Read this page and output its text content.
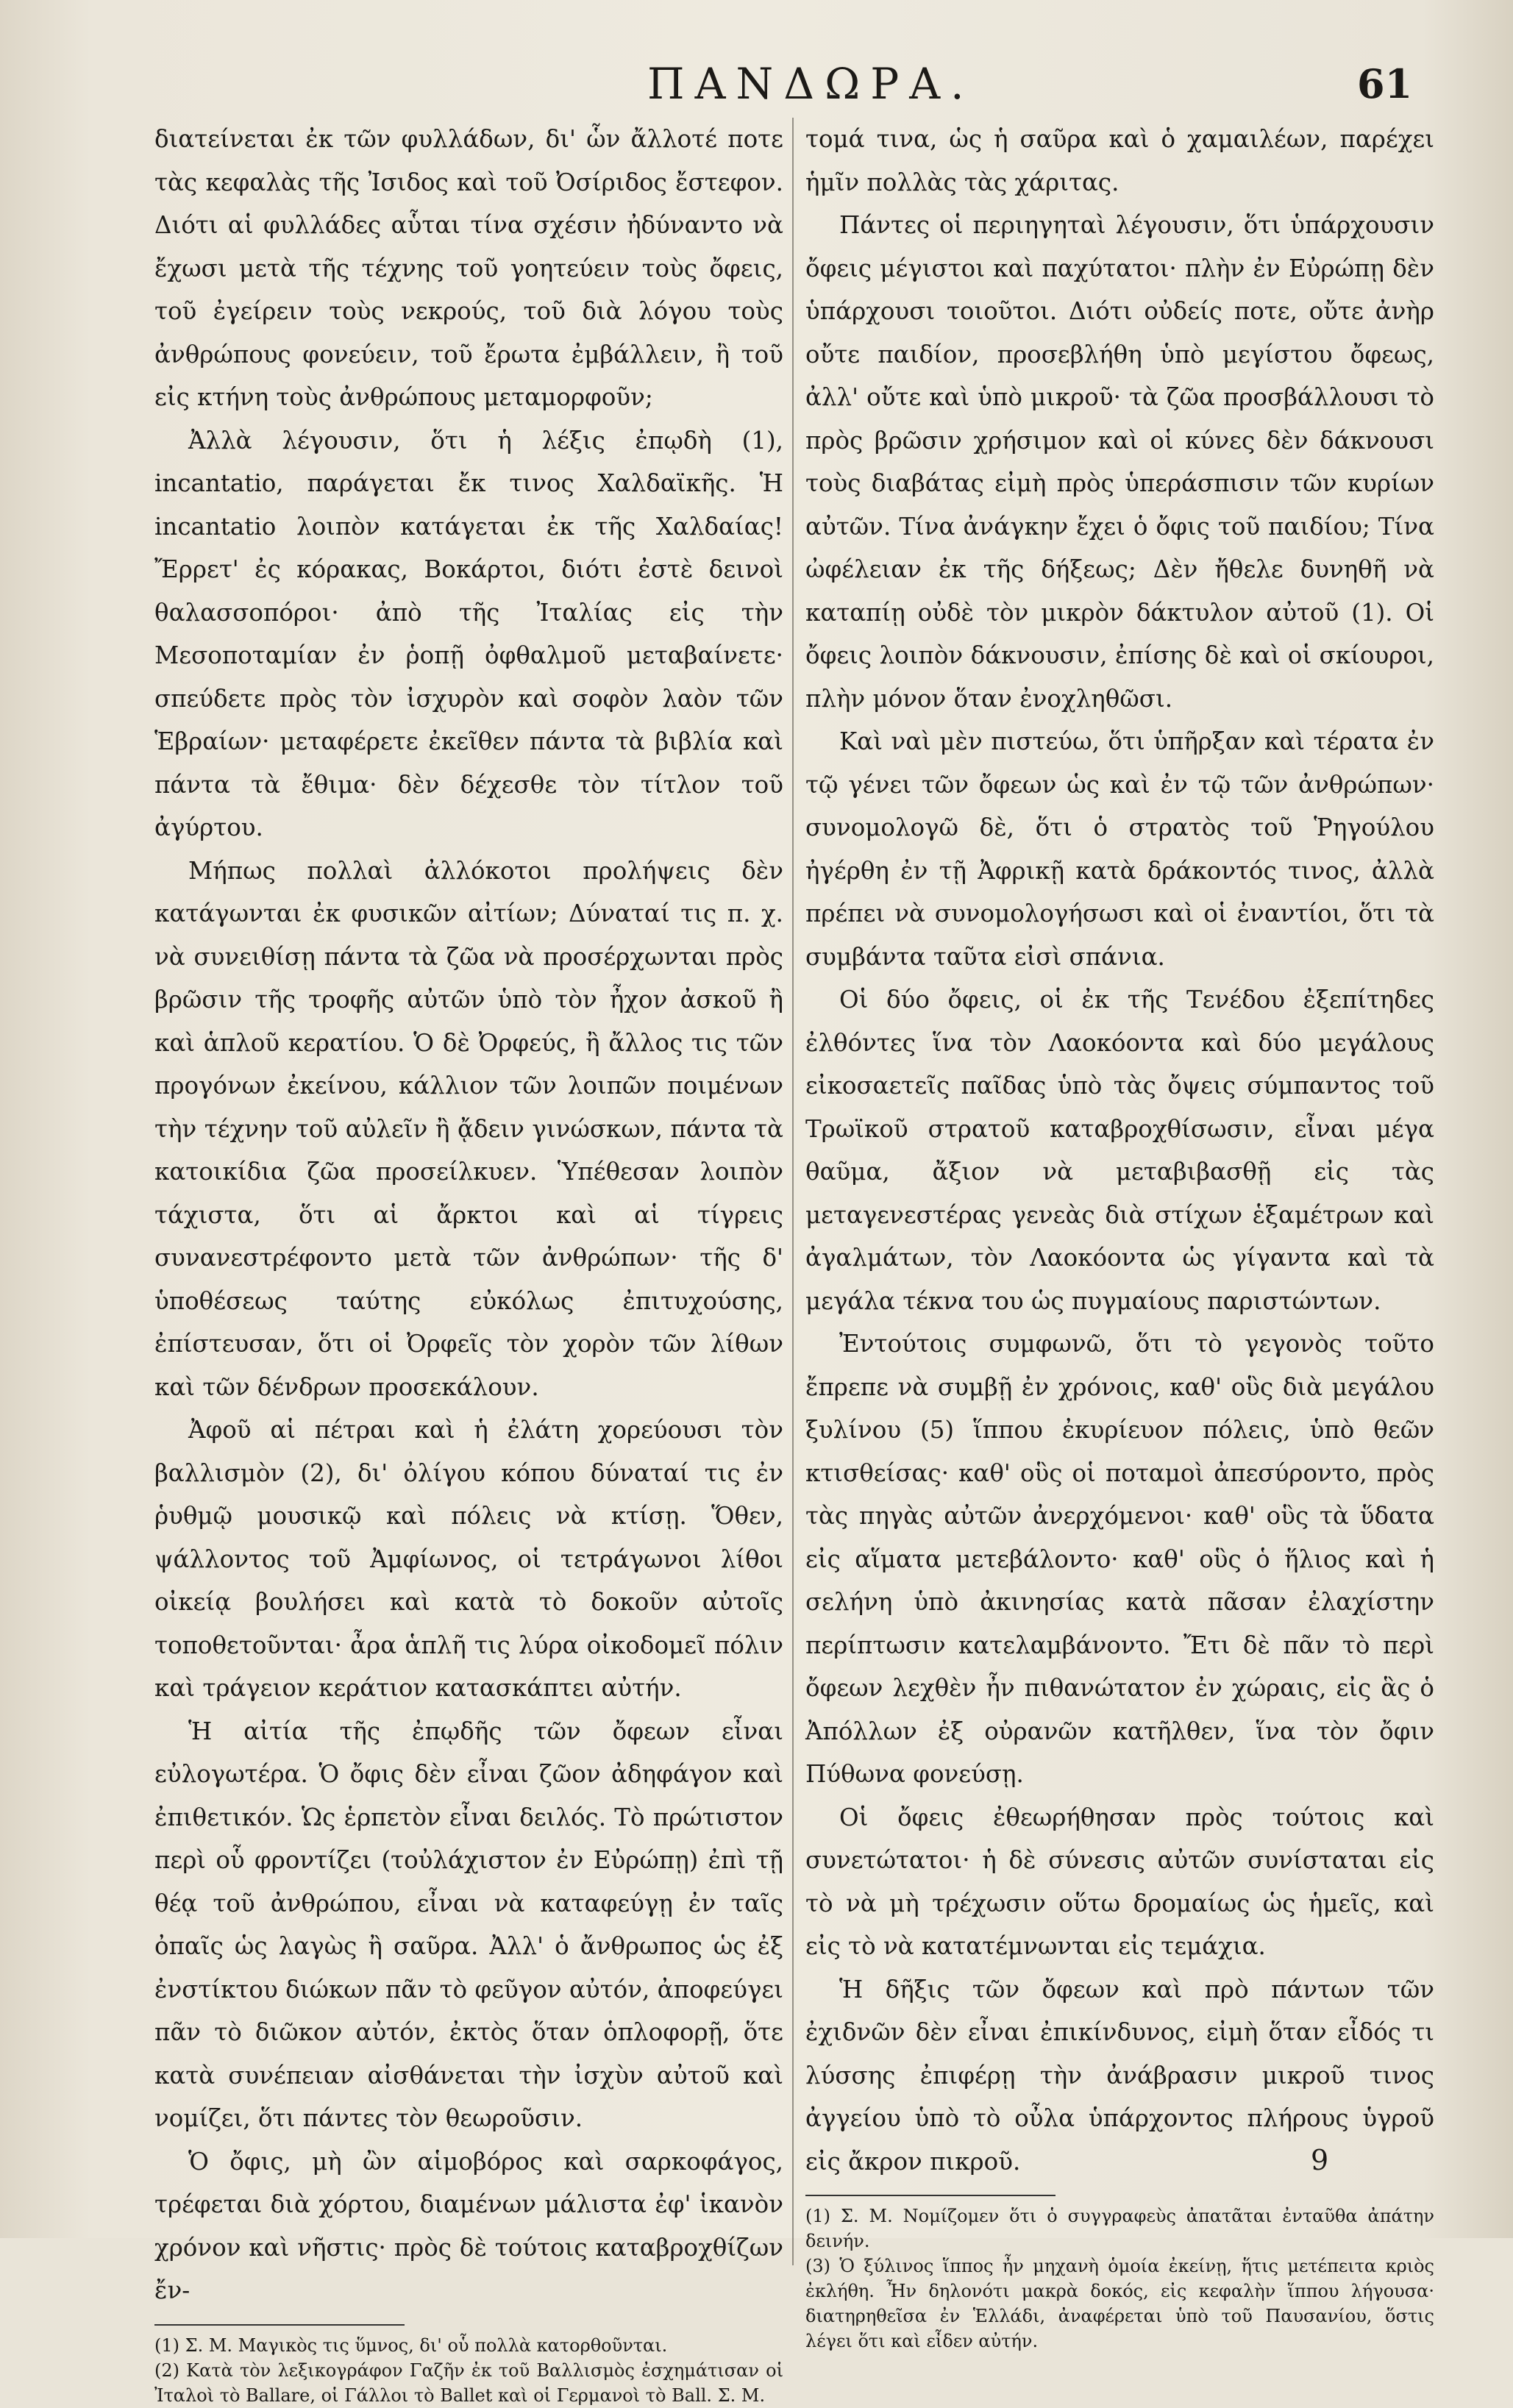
ΠΑΝΔΩΡΑ.	61

διατείνεται ἐκ τῶν φυλλάδων, δι' ὧν ἄλλοτέ ποτε τὰς κεφαλὰς τῆς Ἰσιδος καὶ τοῦ Ὀσίριδος ἔστεφον. Διότι αἱ φυλλάδες αὗται τίνα σχέσιν ἠδύναντο νὰ ἔχωσι μετὰ τῆς τέχνης τοῦ γοητεύειν τοὺς ὄφεις, τοῦ ἐγείρειν τοὺς νεκρούς, τοῦ διὰ λόγου τοὺς ἀνθρώπους φονεύειν, τοῦ ἔρωτα ἐμβάλλειν, ἢ τοῦ εἰς κτήνη τοὺς ἀνθρώπους μεταμορφοῦν;

Ἀλλὰ λέγουσιν, ὅτι ἡ λέξις ἐπῳδὴ (1), incantatio, παράγεται ἔκ τινος Χαλδαϊκῆς. Ἡ incantatio λοιπὸν κατάγεται ἐκ τῆς Χαλδαίας! Ἔρρετ' ἐς κόρακας, Βοκάρτοι, διότι ἐστὲ δεινοὶ θαλασσοπόροι· ἀπὸ τῆς Ἰταλίας εἰς τὴν Μεσοποταμίαν ἐν ῥοπῇ ὀφθαλμοῦ μεταβαίνετε· σπεύδετε πρὸς τὸν ἰσχυρὸν καὶ σοφὸν λαὸν τῶν Ἑβραίων· μεταφέρετε ἐκεῖθεν πάντα τὰ βιβλία καὶ πάντα τὰ ἔθιμα· δὲν δέχεσθε τὸν τίτλον τοῦ ἀγύρτου.

Μήπως πολλαὶ ἀλλόκοτοι προλήψεις δὲν κατάγωνται ἐκ φυσικῶν αἰτίων; Δύναταί τις π. χ. νὰ συνειθίσῃ πάντα τὰ ζῶα νὰ προσέρχωνται πρὸς βρῶσιν τῆς τροφῆς αὐτῶν ὑπὸ τὸν ἦχον ἀσκοῦ ἢ καὶ ἁπλοῦ κερατίου. Ὁ δὲ Ὀρφεύς, ἢ ἄλλος τις τῶν προγόνων ἐκείνου, κάλλιον τῶν λοιπῶν ποιμένων τὴν τέχνην τοῦ αὐλεῖν ἢ ᾄδειν γινώσκων, πάντα τὰ κατοικίδια ζῶα προσείλκυεν. Ὑπέθεσαν λοιπὸν τάχιστα, ὅτι αἱ ἄρκτοι καὶ αἱ τίγρεις συνανεστρέφοντο μετὰ τῶν ἀνθρώπων· τῆς δ' ὑποθέσεως ταύτης εὐκόλως ἐπιτυχούσης, ἐπίστευσαν, ὅτι οἱ Ὀρφεῖς τὸν χορὸν τῶν λίθων καὶ τῶν δένδρων προσεκάλουν.

Ἀφοῦ αἱ πέτραι καὶ ἡ ἐλάτη χορεύουσι τὸν βαλλισμὸν (2), δι' ὀλίγου κόπου δύναταί τις ἐν ῥυθμῷ μουσικῷ καὶ πόλεις νὰ κτίσῃ. Ὅθεν, ψάλλοντος τοῦ Ἀμφίωνος, οἱ τετράγωνοι λίθοι οἰκείᾳ βουλήσει καὶ κατὰ τὸ δοκοῦν αὐτοῖς τοποθετοῦνται· ἆρα ἁπλῆ τις λύρα οἰκοδομεῖ πόλιν καὶ τράγειον κεράτιον κατασκάπτει αὐτήν.

Ἡ αἰτία τῆς ἐπῳδῆς τῶν ὄφεων εἶναι εὐλογωτέρα. Ὁ ὄφις δὲν εἶναι ζῶον ἀδηφάγον καὶ ἐπιθετικόν. Ὡς ἑρπετὸν εἶναι δειλός. Τὸ πρώτιστον περὶ οὗ φροντίζει (τοὐλάχιστον ἐν Εὐρώπῃ) ἐπὶ τῇ θέᾳ τοῦ ἀνθρώπου, εἶναι νὰ καταφεύγῃ ἐν ταῖς ὀπαῖς ὡς λαγὼς ἢ σαῦρα. Ἀλλ' ὁ ἄνθρωπος ὡς ἐξ ἐνστίκτου διώκων πᾶν τὸ φεῦγον αὐτόν, ἀποφεύγει πᾶν τὸ διῶκον αὐτόν, ἐκτὸς ὅταν ὁπλοφορῇ, ὅτε κατὰ συνέπειαν αἰσθάνεται τὴν ἰσχὺν αὐτοῦ καὶ νομίζει, ὅτι πάντες τὸν θεωροῦσιν.

Ὁ ὄφις, μὴ ὢν αἱμοβόρος καὶ σαρκοφάγος, τρέφεται διὰ χόρτου, διαμένων μάλιστα ἐφ' ἱκανὸν χρόνον καὶ νῆστις· πρὸς δὲ τούτοις καταβροχθίζων ἔν-

(1) Σ. Μ. Μαγικὸς τις ὕμνος, δι' οὗ πολλὰ κατορθοῦνται.

(2) Κατὰ τὸν λεξικογράφον Γαζῆν ἐκ τοῦ Βαλλισμὸς ἐσχημάτισαν οἱ Ἰταλοὶ τὸ Ballare, οἱ Γάλλοι τὸ Ballet καὶ οἱ Γερμανοὶ τὸ Ball. Σ. Μ.

τομά τινα, ὡς ἡ σαῦρα καὶ ὁ χαμαιλέων, παρέχει ἡμῖν πολλὰς τὰς χάριτας.

Πάντες οἱ περιηγηταὶ λέγουσιν, ὅτι ὑπάρχουσιν ὄφεις μέγιστοι καὶ παχύτατοι· πλὴν ἐν Εὐρώπῃ δὲν ὑπάρχουσι τοιοῦτοι. Διότι οὐδείς ποτε, οὔτε ἀνὴρ οὔτε παιδίον, προσεβλήθη ὑπὸ μεγίστου ὄφεως, ἀλλ' οὔτε καὶ ὑπὸ μικροῦ· τὰ ζῶα προσβάλλουσι τὸ πρὸς βρῶσιν χρήσιμον καὶ οἱ κύνες δὲν δάκνουσι τοὺς διαβάτας εἰμὴ πρὸς ὑπεράσπισιν τῶν κυρίων αὐτῶν. Τίνα ἀνάγκην ἔχει ὁ ὄφις τοῦ παιδίου; Τίνα ὠφέλειαν ἐκ τῆς δήξεως; Δὲν ἤθελε δυνηθῆ νὰ καταπίῃ οὐδὲ τὸν μικρὸν δάκτυλον αὐτοῦ (1). Οἱ ὄφεις λοιπὸν δάκνουσιν, ἐπίσης δὲ καὶ οἱ σκίουροι, πλὴν μόνον ὅταν ἐνοχληθῶσι.

Καὶ ναὶ μὲν πιστεύω, ὅτι ὑπῆρξαν καὶ τέρατα ἐν τῷ γένει τῶν ὄφεων ὡς καὶ ἐν τῷ τῶν ἀνθρώπων· συνομολογῶ δὲ, ὅτι ὁ στρατὸς τοῦ Ῥηγούλου ἠγέρθη ἐν τῇ Ἀφρικῇ κατὰ δράκοντός τινος, ἀλλὰ πρέπει νὰ συνομολογήσωσι καὶ οἱ ἐναντίοι, ὅτι τὰ συμβάντα ταῦτα εἰσὶ σπάνια.

Οἱ δύο ὄφεις, οἱ ἐκ τῆς Τενέδου ἐξεπίτηδες ἐλθόντες ἵνα τὸν Λαοκόοντα καὶ δύο μεγάλους εἰκοσαετεῖς παῖδας ὑπὸ τὰς ὄψεις σύμπαντος τοῦ Τρωϊκοῦ στρατοῦ καταβροχθίσωσιν, εἶναι μέγα θαῦμα, ἄξιον νὰ μεταβιβασθῇ εἰς τὰς μεταγενεστέρας γενεὰς διὰ στίχων ἑξαμέτρων καὶ ἀγαλμάτων, τὸν Λαοκόοντα ὡς γίγαντα καὶ τὰ μεγάλα τέκνα του ὡς πυγμαίους παριστώντων.

Ἐντούτοις συμφωνῶ, ὅτι τὸ γεγονὸς τοῦτο ἔπρεπε νὰ συμβῇ ἐν χρόνοις, καθ' οὓς διὰ μεγάλου ξυλίνου (5) ἵππου ἐκυρίευον πόλεις, ὑπὸ θεῶν κτισθείσας· καθ' οὓς οἱ ποταμοὶ ἀπεσύροντο, πρὸς τὰς πηγὰς αὐτῶν ἀνερχόμενοι· καθ' οὓς τὰ ὕδατα εἰς αἵματα μετεβάλοντο· καθ' οὓς ὁ ἥλιος καὶ ἡ σελήνη ὑπὸ ἀκινησίας κατὰ πᾶσαν ἐλαχίστην περίπτωσιν κατελαμβάνοντο. Ἔτι δὲ πᾶν τὸ περὶ ὄφεων λεχθὲν ἦν πιθανώτατον ἐν χώραις, εἰς ἃς ὁ Ἀπόλλων ἐξ οὐρανῶν κατῆλθεν, ἵνα τὸν ὄφιν Πύθωνα φονεύσῃ.

Οἱ ὄφεις ἐθεωρήθησαν πρὸς τούτοις καὶ συνετώτατοι· ἡ δὲ σύνεσις αὐτῶν συνίσταται εἰς τὸ νὰ μὴ τρέχωσιν οὕτω δρομαίως ὡς ἡμεῖς, καὶ εἰς τὸ νὰ κατατέμνωνται εἰς τεμάχια.

Ἡ δῆξις τῶν ὄφεων καὶ πρὸ πάντων τῶν ἐχιδνῶν δὲν εἶναι ἐπικίνδυνος, εἰμὴ ὅταν εἶδός τι λύσσης ἐπιφέρῃ τὴν ἀνάβρασιν μικροῦ τινος ἀγγείου ὑπὸ τὸ οὖλα ὑπάρχοντος πλήρους ὑγροῦ εἰς ἄκρον πικροῦ.

(1) Σ. Μ. Νομίζομεν ὅτι ὁ συγγραφεὺς ἀπατᾶται ἐνταῦθα ἀπάτην δεινήν.

(3) Ὁ ξύλινος ἵππος ἦν μηχανὴ ὁμοία ἐκείνῃ, ἥτις μετέπειτα κριὸς ἐκλήθη. Ἦν δηλονότι μακρὰ δοκός, εἰς κεφαλὴν ἵππου λήγουσα· διατηρηθεῖσα ἐν Ἑλλάδι, ἀναφέρεται ὑπὸ τοῦ Παυσανίου, ὅστις λέγει ὅτι καὶ εἶδεν αὐτήν.

9
